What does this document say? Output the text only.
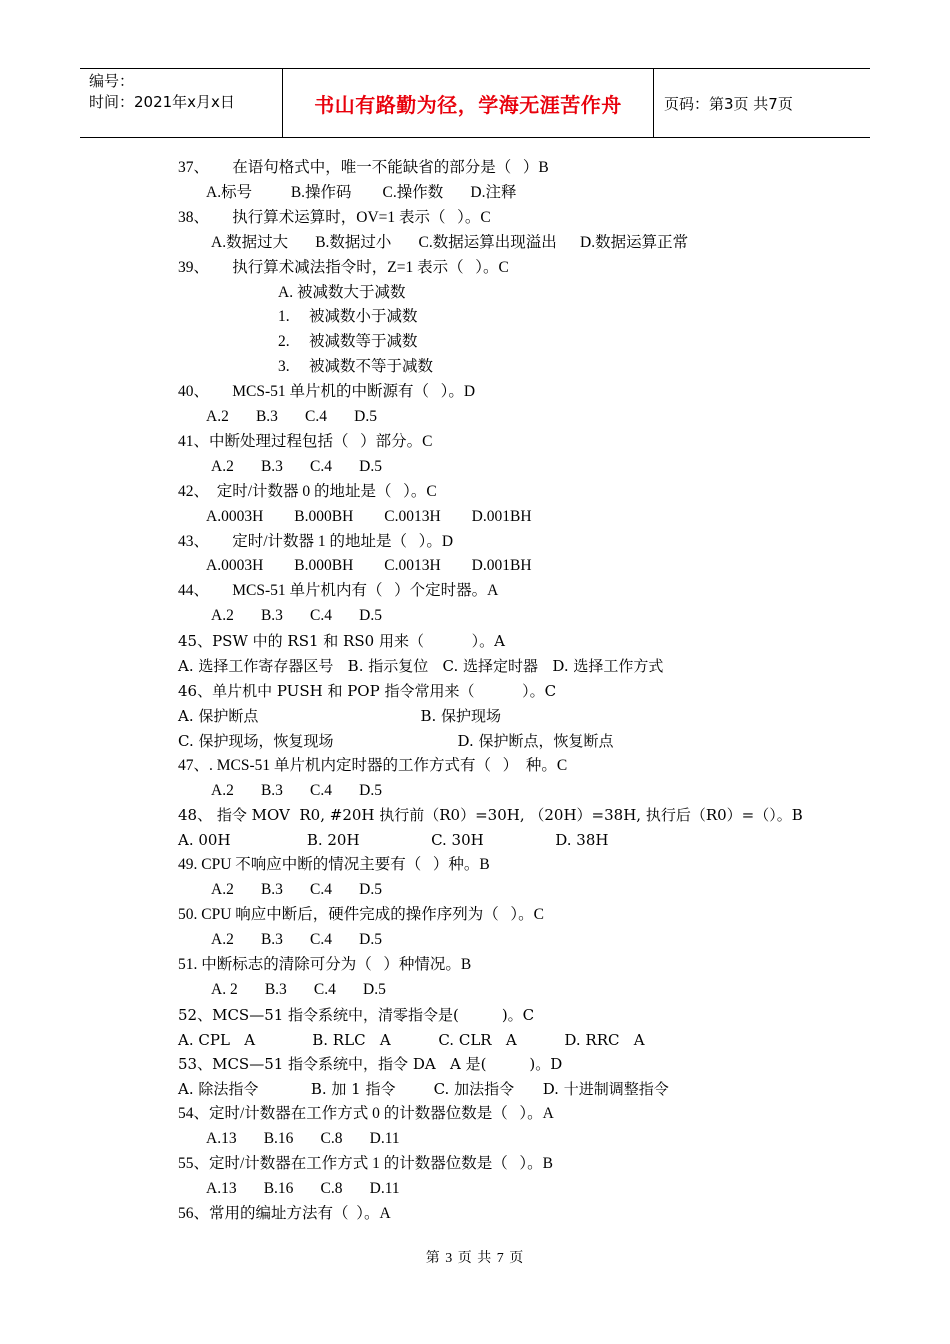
编号：
时间：2021年x月x日	书山有路勤为径，学海无涯苦作舟	页码：第3页 共7页
37、      在语句格式中，唯一不能缺省的部分是（   ）B
A.标号          B.操作码        C.操作数       D.注释
38、      执行算术运算时，OV=1 表示（   ）。C
A.数据过大       B.数据过小       C.数据运算出现溢出      D.数据运算正常
39、      执行算术减法指令时，Z=1 表示（   ）。C
A. 被减数大于减数
1.     被减数小于减数
2.     被减数等于减数
3.     被减数不等于减数
40、      MCS-51 单片机的中断源有（   ）。D
A.2       B.3       C.4       D.5
41、中断处理过程包括（   ）部分。C
A.2       B.3       C.4       D.5
42、  定时/计数器 0 的地址是（   ）。C
A.0003H        B.000BH        C.0013H        D.001BH
43、      定时/计数器 1 的地址是（   ）。D
A.0003H        B.000BH        C.0013H        D.001BH
44、      MCS-51 单片机内有（   ）个定时器。A
A.2       B.3       C.4       D.5
45、PSW 中的 RS1 和 RS0 用来（          ）。A
A. 选择工作寄存器区号   B. 指示复位   C. 选择定时器   D. 选择工作方式
46、单片机中 PUSH 和 POP 指令常用来（          ）。C
A. 保护断点                                  B. 保护现场
C. 保护现场，恢复现场                          D. 保护断点，恢复断点
47、. MCS-51 单片机内定时器的工作方式有（   ）  种。C
A.2       B.3       C.4       D.5
48、 指令 MOV  R0, #20H 执行前（R0）=30H, （20H）=38H, 执行后（R0）=（）。B
A. 00H                B. 20H               C. 30H               D. 38H
49. CPU 不响应中断的情况主要有（   ）种。B
A.2       B.3       C.4       D.5
50. CPU 响应中断后，硬件完成的操作序列为（   ）。C
A.2       B.3       C.4       D.5
51. 中断标志的清除可分为（   ）种情况。B
A. 2       B.3       C.4       D.5
52、MCS—51 指令系统中，清零指令是(         )。C
A. CPL   A            B. RLC   A          C. CLR   A          D. RRC   A
53、MCS—51 指令系统中，指令 DA   A 是(         )。D
A. 除法指令           B. 加 1 指令        C. 加法指令      D. 十进制调整指令
54、定时/计数器在工作方式 0 的计数器位数是（   ）。A
A.13       B.16       C.8       D.11
55、定时/计数器在工作方式 1 的计数器位数是（   ）。B
A.13       B.16       C.8       D.11
56、常用的编址方法有（  ）。A
第 3 页 共 7 页
